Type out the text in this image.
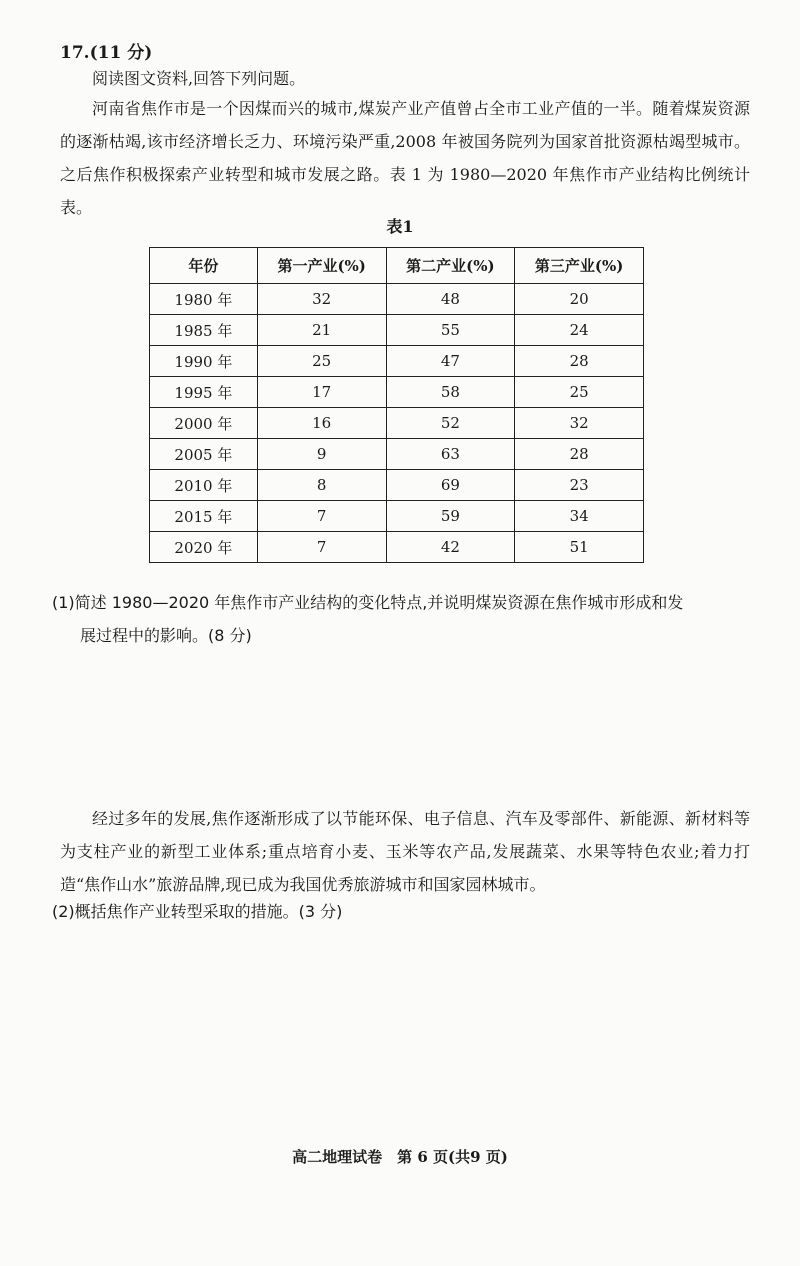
17.(11 分)
阅读图文资料,回答下列问题。
河南省焦作市是一个因煤而兴的城市,煤炭产业产值曾占全市工业产值的一半。随着煤炭资源的逐渐枯竭,该市经济增长乏力、环境污染严重,2008 年被国务院列为国家首批资源枯竭型城市。之后焦作积极探索产业转型和城市发展之路。表 1 为 1980—2020 年焦作市产业结构比例统计表。
表1
年份	第一产业(%)	第二产业(%)	第三产业(%)
1980 年	32	48	20
1985 年	21	55	24
1990 年	25	47	28
1995 年	17	58	25
2000 年	16	52	32
2005 年	9	63	28
2010 年	8	69	23
2015 年	7	59	34
2020 年	7	42	51
(1)简述 1980—2020 年焦作市产业结构的变化特点,并说明煤炭资源在焦作城市形成和发
展过程中的影响。(8 分)
经过多年的发展,焦作逐渐形成了以节能环保、电子信息、汽车及零部件、新能源、新材料等为支柱产业的新型工业体系;重点培育小麦、玉米等农产品,发展蔬菜、水果等特色农业;着力打造“焦作山水”旅游品牌,现已成为我国优秀旅游城市和国家园林城市。
(2)概括焦作产业转型采取的措施。(3 分)
高二地理试卷　第 6 页(共9 页)
